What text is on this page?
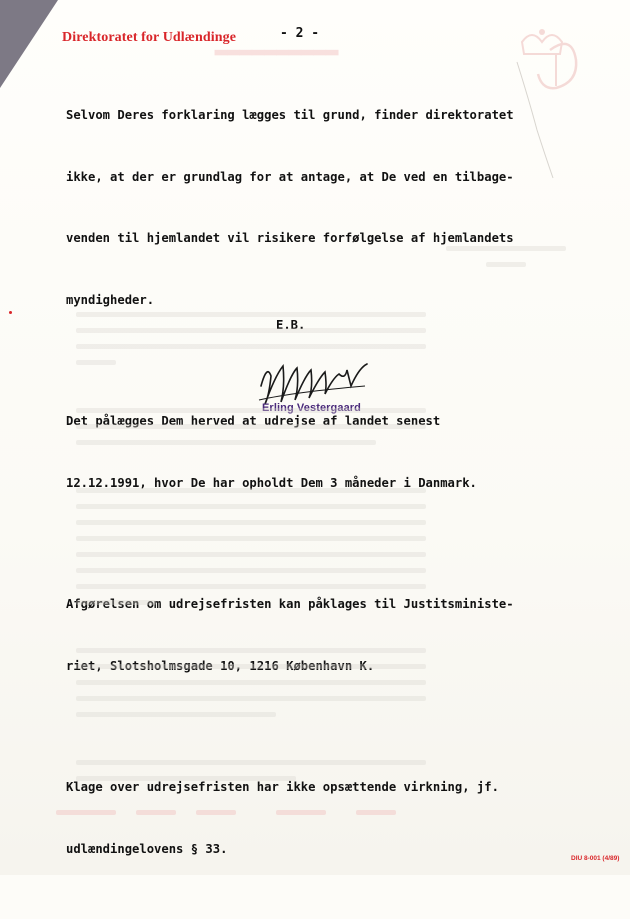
▂▂▂▂▂▂▂▂▂▂
Direktoratet for Udlændinge	- 2 -

Selvom Deres forklaring lægges til grund, finder direktoratet

ikke, at der er grundlag for at antage, at De ved en tilbage-

venden til hjemlandet vil risikere forfølgelse af hjemlandets

myndigheder.

Det pålægges Dem herved at udrejse af landet senest

12.12.1991, hvor De har opholdt Dem 3 måneder i Danmark.

Afgørelsen om udrejsefristen kan påklages til Justitsministe-

riet, Slotsholmsgade 10, 1216 København K.

Klage over udrejsefristen har ikke opsættende virkning, jf.

udlændingelovens § 33.

E.B.
Erling Vestergaard
DIU 8-001 (4/89)
